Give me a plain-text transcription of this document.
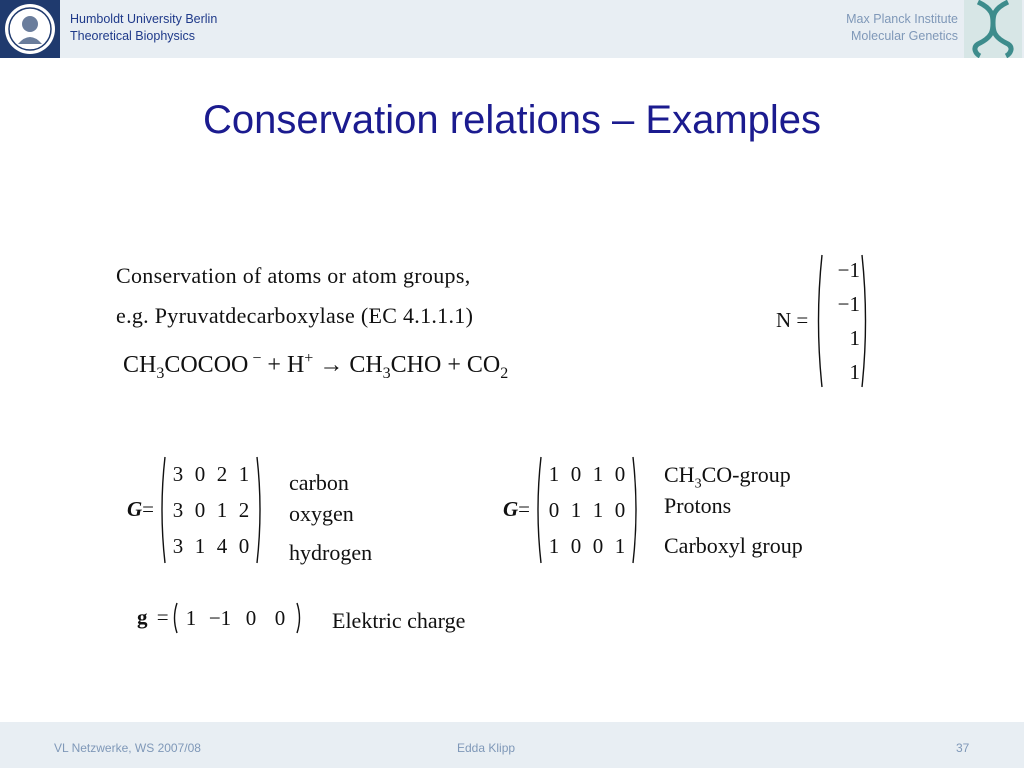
Humboldt University Berlin
Theoretical Biophysics
Max Planck Institute
Molecular Genetics
Conservation relations – Examples
Conservation of atoms or atom groups,
e.g. Pyruvatdecarboxylase (EC 4.1.1.1)
$CH_3COCOO$ $^- + H^+ \to CH_3CHO + CO_2$
N =
−1
−1
1
1
G=
3 0 2 1
3 0 1 2
3 1 4 0
carbon
oxygen
hydrogen
G=
1 0 1 0
0 1 1 0
1 0 0 1
$CH_3CO$-group
Protons
Carboxyl group
g = 1 −1 0 0	Elektric charge
VL Netzwerke, WS 2007/08	Edda Klipp	37
